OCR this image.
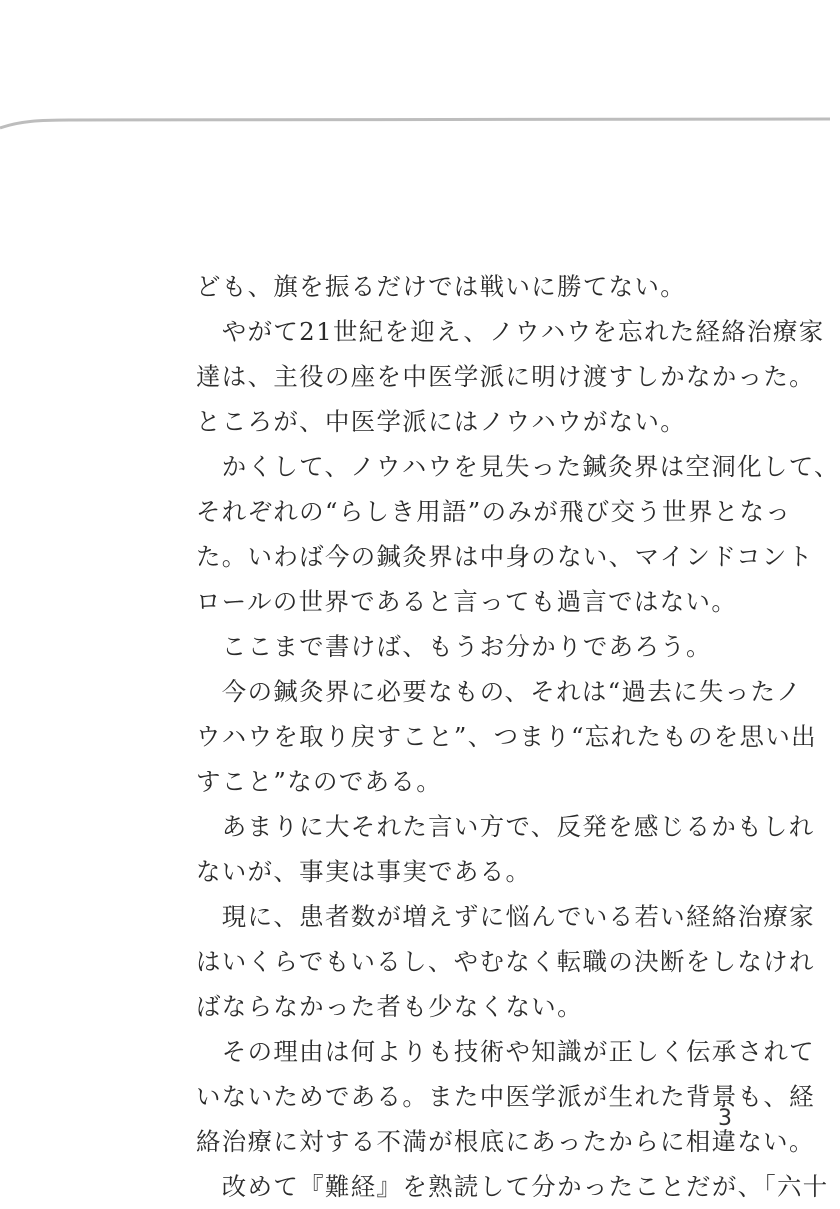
ども、旗を振るだけでは戦いに勝てない。
　やがて21世紀を迎え、ノウハウを忘れた経絡治療家
達は、主役の座を中医学派に明け渡すしかなかった。
ところが、中医学派にはノウハウがない。
　かくして、ノウハウを見失った鍼灸界は空洞化して、
それぞれの“らしき用語”のみが飛び交う世界となっ
た。いわば今の鍼灸界は中身のない、マインドコント
ロールの世界であると言っても過言ではない。
　ここまで書けば、もうお分かりであろう。
　今の鍼灸界に必要なもの、それは“過去に失ったノ
ウハウを取り戻すこと”、つまり“忘れたものを思い出
すこと”なのである。
　あまりに大それた言い方で、反発を感じるかもしれ
ないが、事実は事実である。
　現に、患者数が増えずに悩んでいる若い経絡治療家
はいくらでもいるし、やむなく転職の決断をしなけれ
ばならなかった者も少なくない。
　その理由は何よりも技術や知識が正しく伝承されて
いないためである。また中医学派が生れた背景も、経
絡治療に対する不満が根底にあったからに相違ない。
　改めて『難経』を熟読して分かったことだが、「六十
3
